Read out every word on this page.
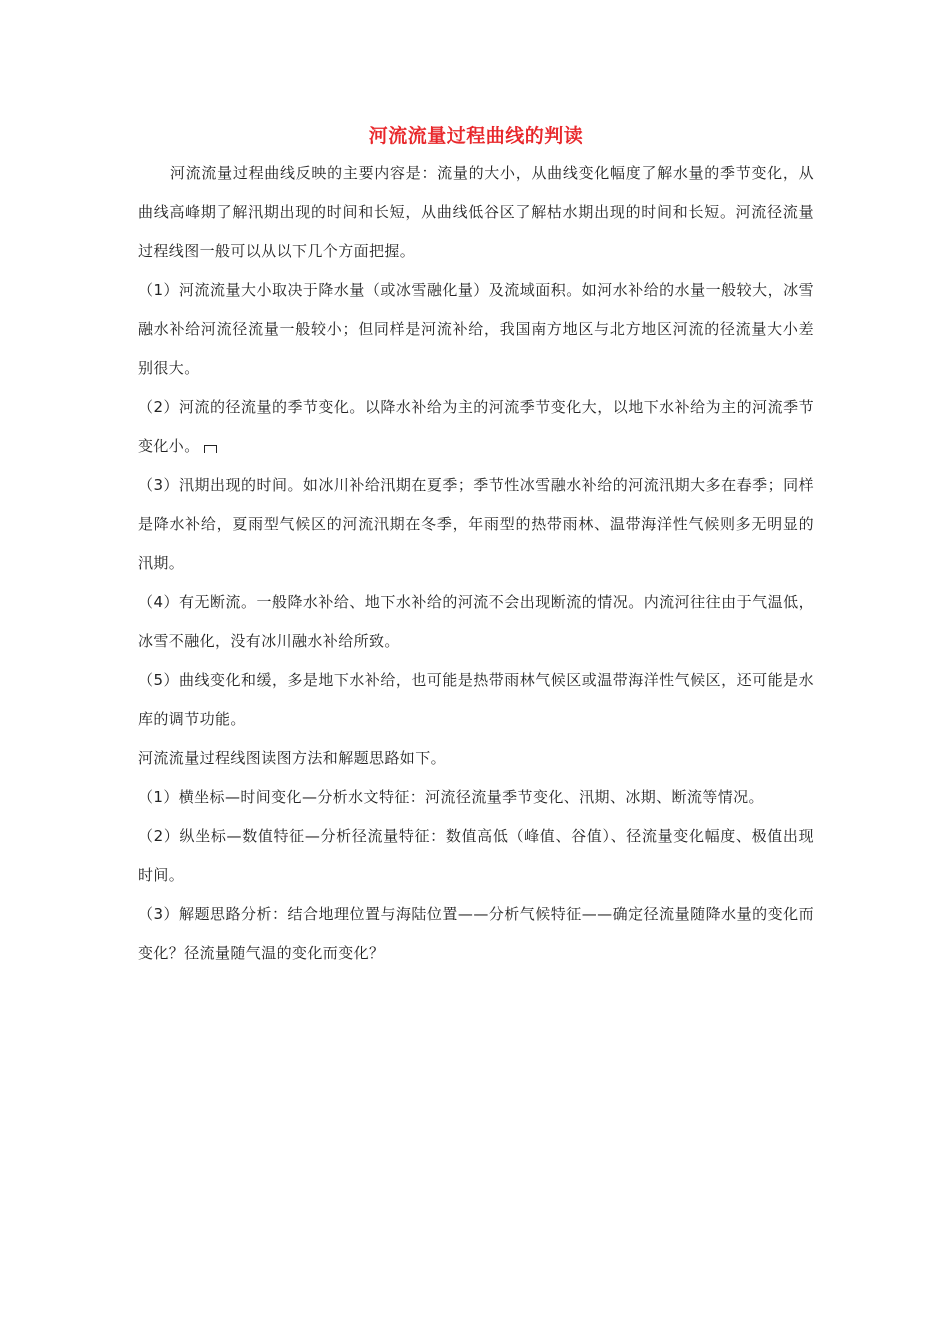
河流流量过程曲线的判读

河流流量过程曲线反映的主要内容是：流量的大小，从曲线变化幅度了解水量的季节变化，从曲线高峰期了解汛期出现的时间和长短，从曲线低谷区了解枯水期出现的时间和长短。河流径流量过程线图一般可以从以下几个方面把握。

（1）河流流量大小取决于降水量（或冰雪融化量）及流域面积。如河水补给的水量一般较大，冰雪融水补给河流径流量一般较小；但同样是河流补给，我国南方地区与北方地区河流的径流量大小差别很大。

（2）河流的径流量的季节变化。以降水补给为主的河流季节变化大，以地下水补给为主的河流季节变化小。

（3）汛期出现的时间。如冰川补给汛期在夏季；季节性冰雪融水补给的河流汛期大多在春季；同样是降水补给，夏雨型气候区的河流汛期在冬季，年雨型的热带雨林、温带海洋性气候则多无明显的汛期。

（4）有无断流。一般降水补给、地下水补给的河流不会出现断流的情况。内流河往往由于气温低，冰雪不融化，没有冰川融水补给所致。

（5）曲线变化和缓，多是地下水补给，也可能是热带雨林气候区或温带海洋性气候区，还可能是水库的调节功能。

河流流量过程线图读图方法和解题思路如下。

（1）横坐标—时间变化—分析水文特征：河流径流量季节变化、汛期、冰期、断流等情况。

（2）纵坐标—数值特征—分析径流量特征：数值高低（峰值、谷值）、径流量变化幅度、极值出现时间。

（3）解题思路分析：结合地理位置与海陆位置——分析气候特征——确定径流量随降水量的变化而变化？径流量随气温的变化而变化？
